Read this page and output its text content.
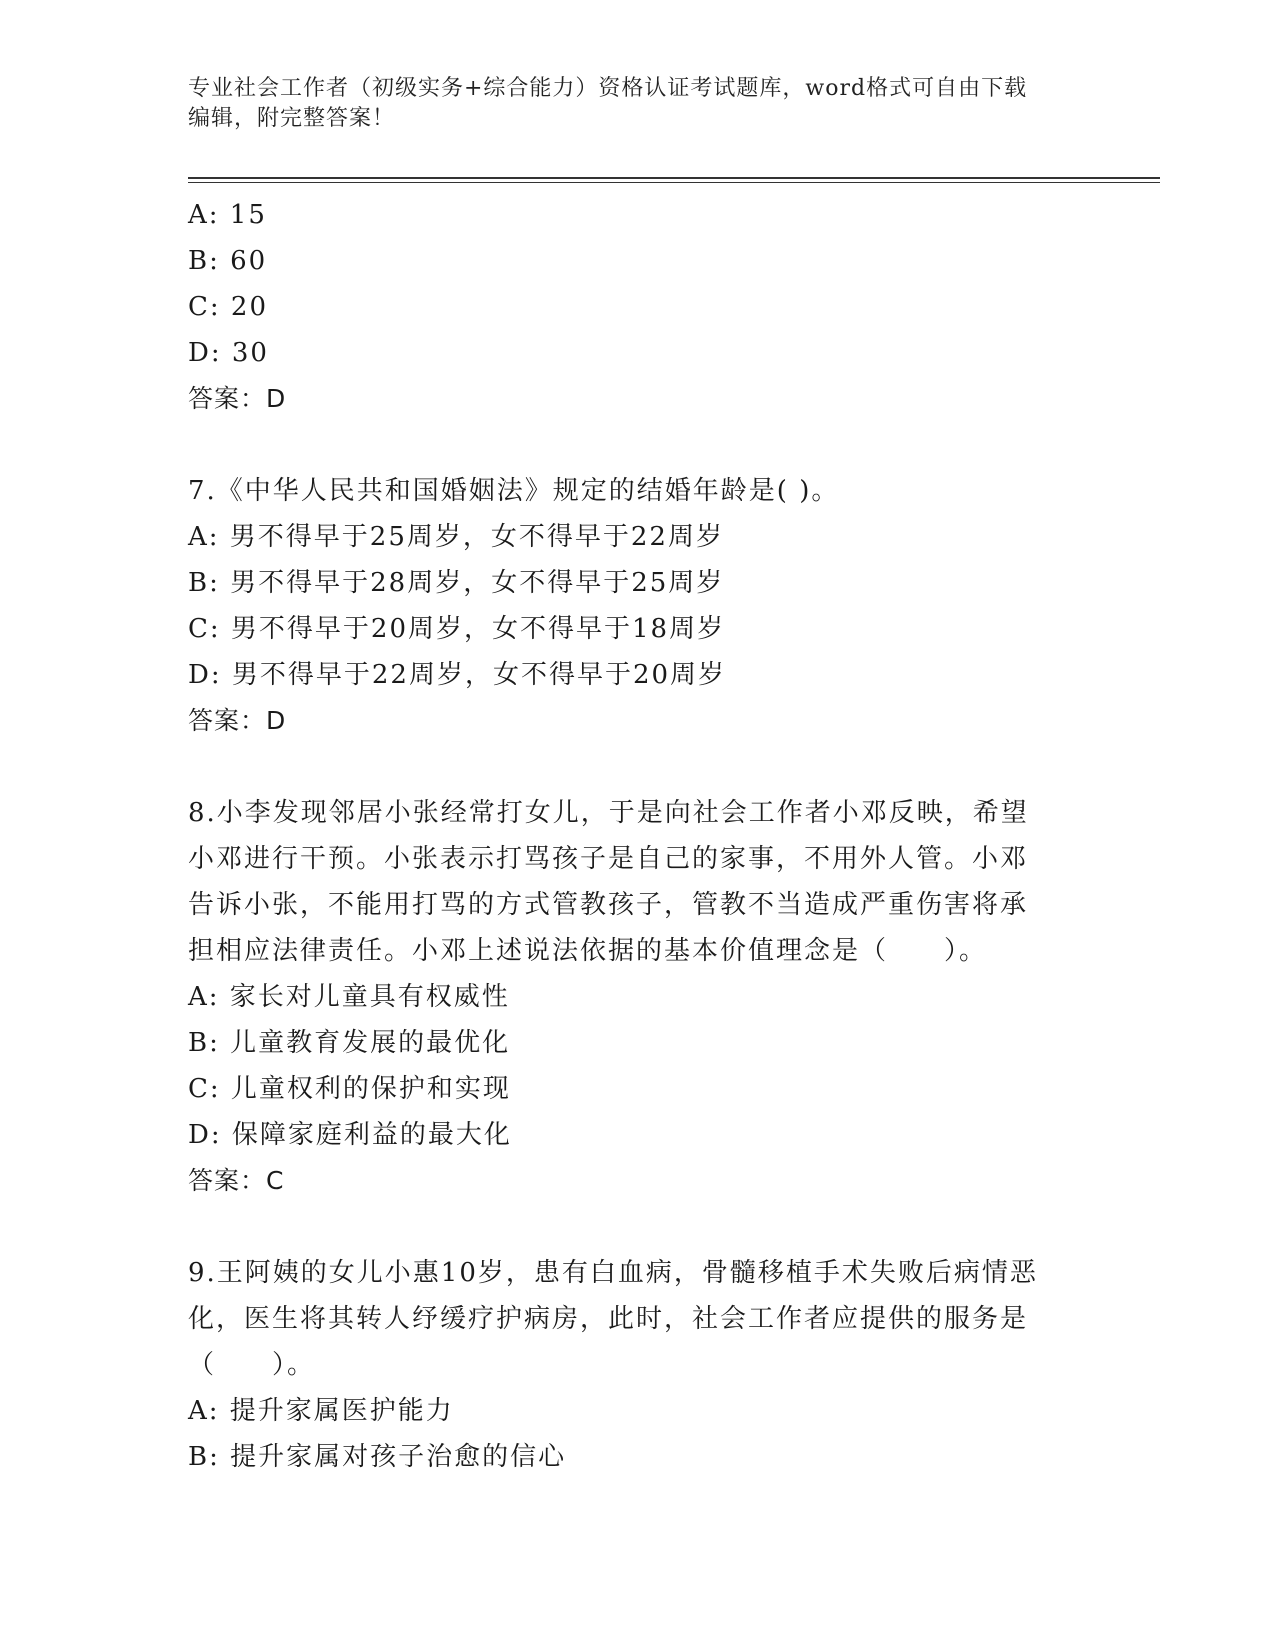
专业社会工作者（初级实务+综合能力）资格认证考试题库，word格式可自由下载
编辑，附完整答案！
A: 15
B: 60
C: 20
D: 30
答案：D
7.《中华人民共和国婚姻法》规定的结婚年龄是( )。
A: 男不得早于25周岁，女不得早于22周岁
B: 男不得早于28周岁，女不得早于25周岁
C: 男不得早于20周岁，女不得早于18周岁
D: 男不得早于22周岁，女不得早于20周岁
答案：D
8.小李发现邻居小张经常打女儿，于是向社会工作者小邓反映，希望
小邓进行干预。小张表示打骂孩子是自己的家事，不用外人管。小邓
告诉小张，不能用打骂的方式管教孩子，管教不当造成严重伤害将承
担相应法律责任。小邓上述说法依据的基本价值理念是（　　）。
A: 家长对儿童具有权威性
B: 儿童教育发展的最优化
C: 儿童权利的保护和实现
D: 保障家庭利益的最大化
答案：C
9.王阿姨的女儿小惠10岁，患有白血病，骨髓移植手术失败后病情恶
化，医生将其转人纾缓疗护病房，此时，社会工作者应提供的服务是
（　　）。
A: 提升家属医护能力
B: 提升家属对孩子治愈的信心
